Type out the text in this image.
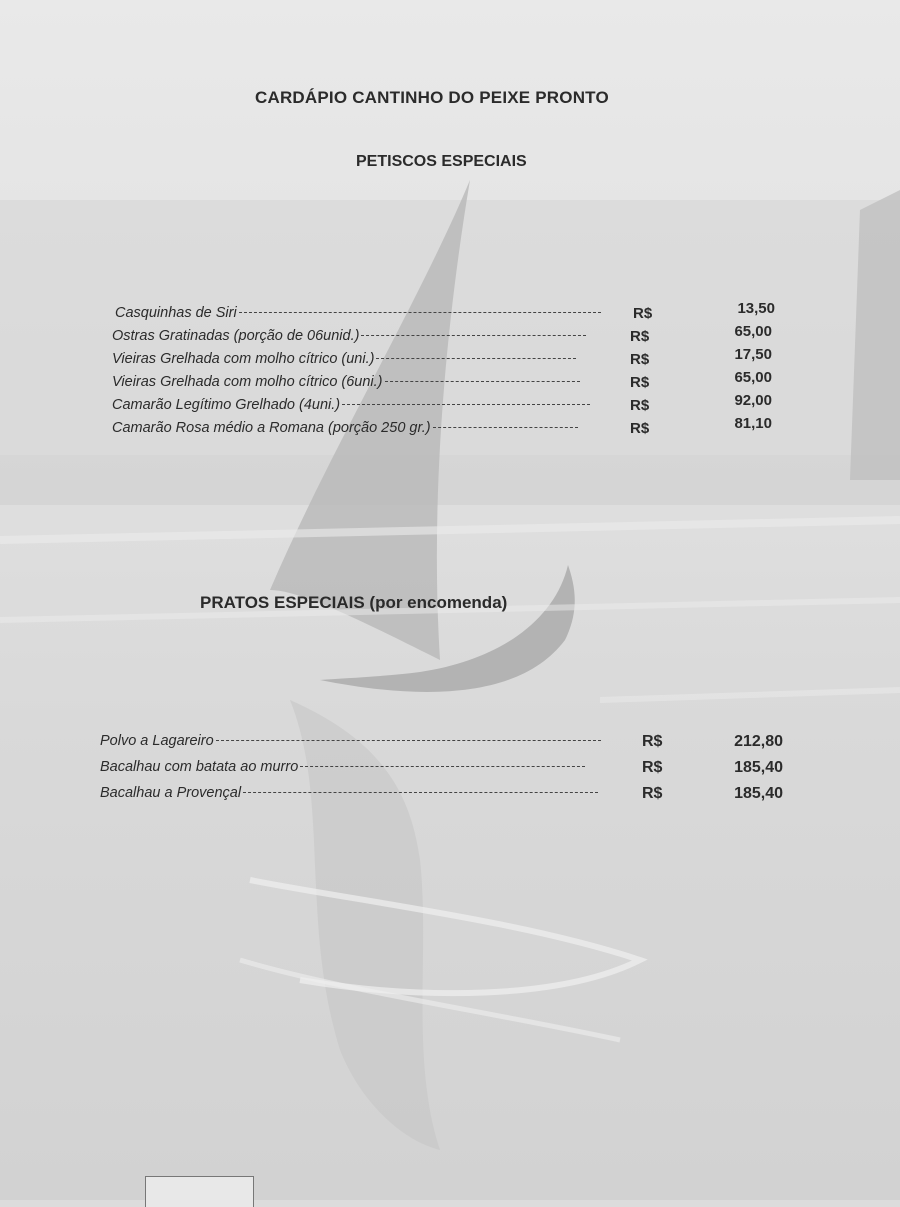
CARDÁPIO CANTINHO DO PEIXE PRONTO
PETISCOS ESPECIAIS
Casquinhas de Siri	R$	13,50
Ostras Gratinadas (porção de 06unid.)	R$	65,00
Vieiras Grelhada com molho cítrico (uni.)	R$	17,50
Vieiras Grelhada com molho cítrico (6uni.)	R$	65,00
Camarão Legítimo Grelhado (4uni.)	R$	92,00
Camarão Rosa médio a Romana (porção 250 gr.)	R$	81,10
PRATOS ESPECIAIS (por encomenda)
Polvo a Lagareiro	R$	212,80
Bacalhau com batata ao murro	R$	185,40
Bacalhau a Provençal	R$	185,40
